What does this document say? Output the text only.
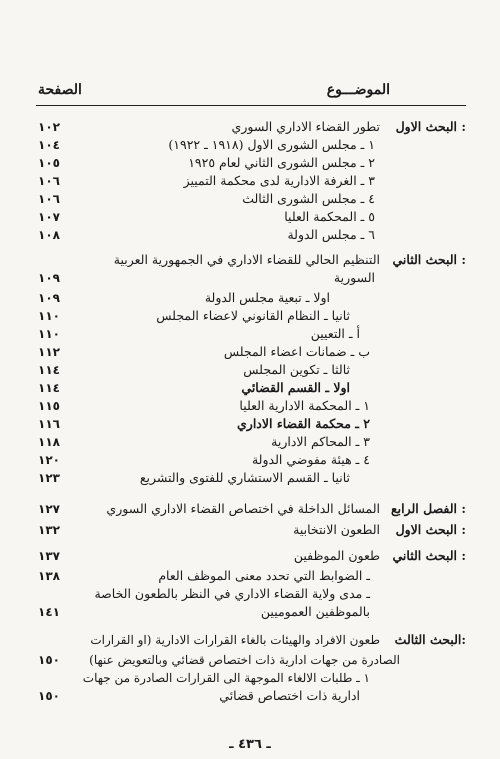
الموضـــوع
الصفحة
البحث الاول :
تطور القضاء الاداري السوري
١٠٢
١ ـ مجلس الشورى الاول (١٩١٨ ـ ١٩٢٢)
١٠٤
٢ ـ مجلس الشورى الثاني لعام ١٩٢٥
١٠٥
٣ ـ الغرفة الادارية لدى محكمة التمييز
١٠٦
٤ ـ مجلس الشورى الثالث
١٠٦
٥ ـ المحكمة العليا
١٠٧
٦ ـ مجلس الدولة
١٠٨
البحث الثاني :
التنظيم الحالي للقضاء الاداري في الجمهورية العربية
السورية
١٠٩
اولا ـ تبعية مجلس الدولة
١٠٩
ثانيا ـ النظام القانوني لاعضاء المجلس
١١٠
أ ـ التعيين
١١٠
ب ـ ضمانات اعضاء المجلس
١١٢
ثالثا ـ تكوين المجلس
١١٤
اولا ـ القسم القضائي
١١٤
١ ـ المحكمة الادارية العليا
١١٥
٢ ـ محكمة القضاء الاداري
١١٦
٣ ـ المحاكم الادارية
١١٨
٤ ـ هيئة مفوضي الدولة
١٢٠
ثانيا ـ القسم الاستشاري للفتوى والتشريع
١٢٣
الفصل الرابع :
المسائل الداخلة في اختصاص القضاء الاداري السوري
١٢٧
البحث الاول :
الطعون الانتخابية
١٣٢
البحث الثاني :
طعون الموظفين
١٣٧
ـ الضوابط التي تحدد معنى الموظف العام
١٣٨
ـ مدى ولاية القضاء الاداري في النظر بالطعون الخاصة
بالموظفين العموميين
١٤١
البحث الثالث:
طعون الافراد والهيئات بالغاء القرارات الادارية (او القرارات
الصادرة من جهات ادارية ذات اختصاص قضائي وبالتعويض عنها)
١٥٠
١ ـ طلبات الالغاء الموجهة الى القرارات الصادرة من جهات
ادارية ذات اختصاص قضائي
١٥٠
ـ ٤٣٦ ـ
